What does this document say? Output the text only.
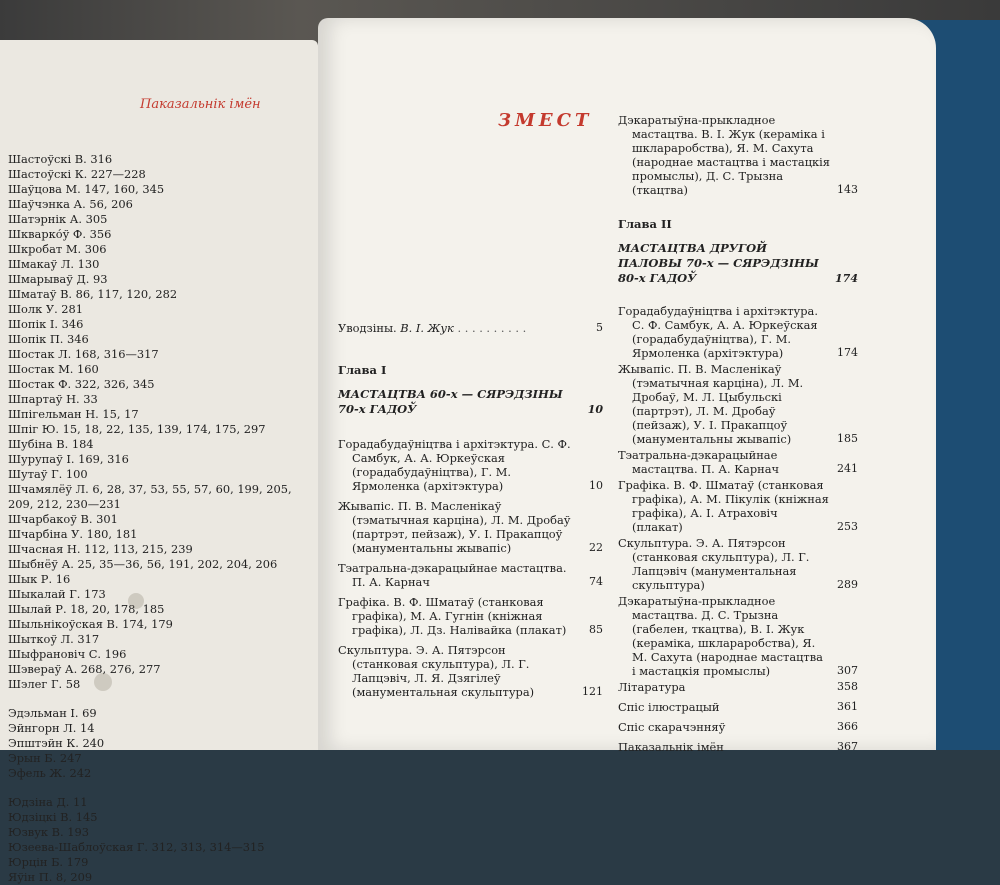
Паказальнік імён
Шастоўскі В. 316
Шастоўскі К. 227—228
Шаўцова М. 147, 160, 345
Шаўчэнка А. 56, 206
Шатэрнік А. 305
Шкварко́ў Ф. 356
Шкробат М. 306
Шмакаў Л. 130
Шмарываў Д. 93
Шматаў В. 86, 117, 120, 282
Шолк У. 281
Шопік І. 346
Шопік П. 346
Шостак Л. 168, 316—317
Шостак М. 160
Шостак Ф. 322, 326, 345
Шпартаў Н. 33
Шпігельман Н. 15, 17
Шпіг Ю. 15, 18, 22, 135, 139, 174, 175, 297
Шубіна В. 184
Шурупаў І. 169, 316
Шутаў Г. 100
Шчамялёў Л. 6, 28, 37, 53, 55, 57, 60, 199, 205,
209, 212, 230—231
Шчарбакоў В. 301
Шчарбіна У. 180, 181
Шчасная Н. 112, 113, 215, 239
Шыбнёў А. 25, 35—36, 56, 191, 202, 204, 206
Шык Р. 16
Шыкалай Г. 173
Шылай Р. 18, 20, 178, 185
Шыльнікоўская В. 174, 179
Шыткоў Л. 317
Шыфрановіч С. 196
Шэвераў А. 268, 276, 277
Шэлег Г. 58
Эдэльман І. 69
Эйнгорн Л. 14
Эпштэйн К. 240
Эрын Б. 247
Эфель Ж. 242
Юдзіна Д. 11
Юдзіцкі В. 145
Юзвук В. 193
Юзеева-Шаблоўская Г. 312, 313, 314—315
Юрцін Б. 179
Яўін П. 8, 209
ЗМЕСТ
Уводзіны. В. І. Жук . . . . . . . . . .	5
Глава І
МАСТАЦТВА 60-х — СЯРЭДЗІНЫ 70-х ГАДОЎ	10
Горадабудаўніцтва і архітэктура. С. Ф. Самбук, А. А. Юркеўская (горадабудаўніцтва), Г. М. Ярмоленка (архітэктура)	10
Жывапіс. П. В. Масленікаў (тэматычная карціна), Л. М. Дробаў (партрэт, пейзаж), У. І. Пракапцоў (манументальны жывапіс)	22
Тэатральна-дэкарацыйнае мастацтва. П. А. Карнач	74
Графіка. В. Ф. Шматаў (станковая графіка), М. А. Гугнін (кніжная графіка), Л. Дз. Налівайка (плакат) 85
Скульптура. Э. А. Пятэрсон (станковая скульптура), Л. Г. Лапцэвіч, Л. Я. Дзягілеў (манументальная скульптура)	121
Дэкаратыўна-прыкладное мастацтва. В. І. Жук (кераміка і шклараробства), Я. М. Сахута (народнае мастацтва і мастацкія промыслы), Д. С. Трызна (ткацтва)	143
Глава ІІ
МАСТАЦТВА ДРУГОЙ ПАЛОВЫ 70-х — СЯРЭДЗІНЫ 80-х ГАДОЎ	174
Горадабудаўніцтва і архітэктура. С. Ф. Самбук, А. А. Юркеўская (горадабудаўніцтва), Г. М. Ярмоленка (архітэктура)	174
Жывапіс. П. В. Масленікаў (тэматычная карціна), Л. М. Дробаў, М. Л. Цыбульскі (партрэт), Л. М. Дробаў (пейзаж), У. І. Пракапцоў (манументальны жывапіс)	185
Тэатральна-дэкарацыйнае мастацтва. П. А. Карнач	241
Графіка. В. Ф. Шматаў (станковая графіка), А. М. Пікулік (кніжная графіка), А. І. Атраховіч (плакат)	253
Скульптура. Э. А. Пятэрсон (станковая скульптура), Л. Г. Лапцэвіч (манументальная скульптура)	289
Дэкаратыўна-прыкладное мастацтва. Д. С. Трызна (габелен, ткацтва), В. І. Жук (кераміка, шклараробства), Я. М. Сахута (народнае мастацтва і мастацкія промыслы)	307
Літаратура	358
Спіс ілюстрацый	361
Спіс скарачэнняў	366
Паказальнік імён	367
